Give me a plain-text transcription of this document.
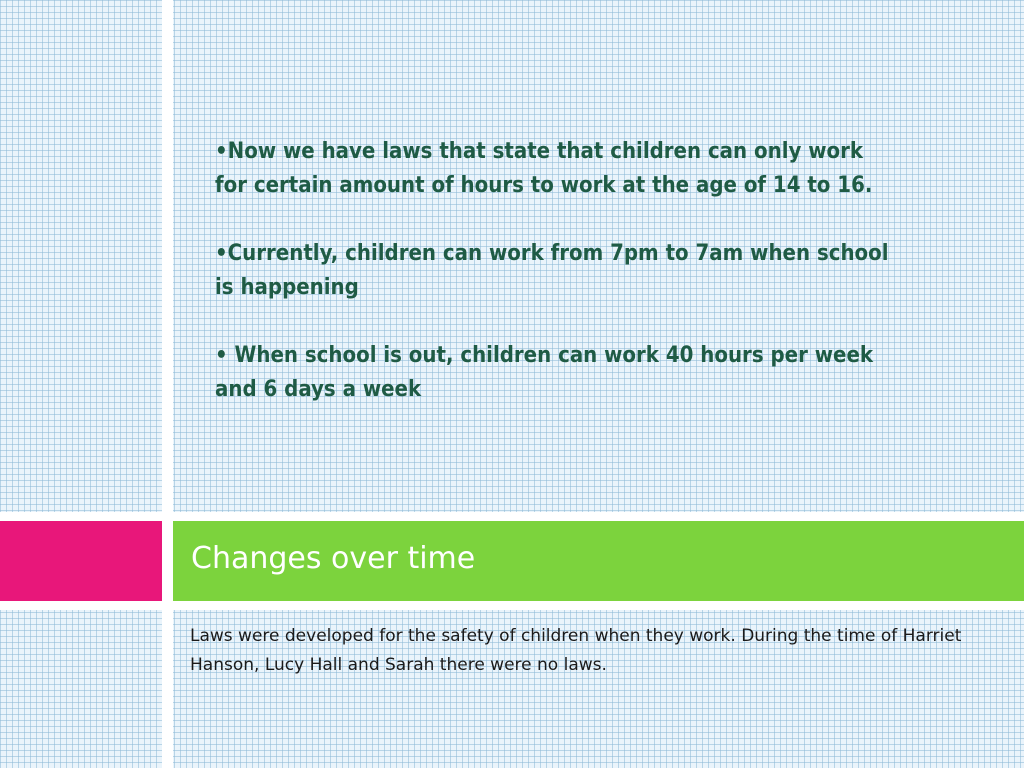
•Now we have laws that state that children can only work for certain amount of hours to work at the age of 14 to 16.

•Currently, children can work from 7pm to 7am when school is happening

• When school is out, children can work 40 hours per week and 6 days a week

Changes over time

Laws were developed for the safety of children when they work. During the time of Harriet Hanson, Lucy Hall and Sarah there were no laws.
